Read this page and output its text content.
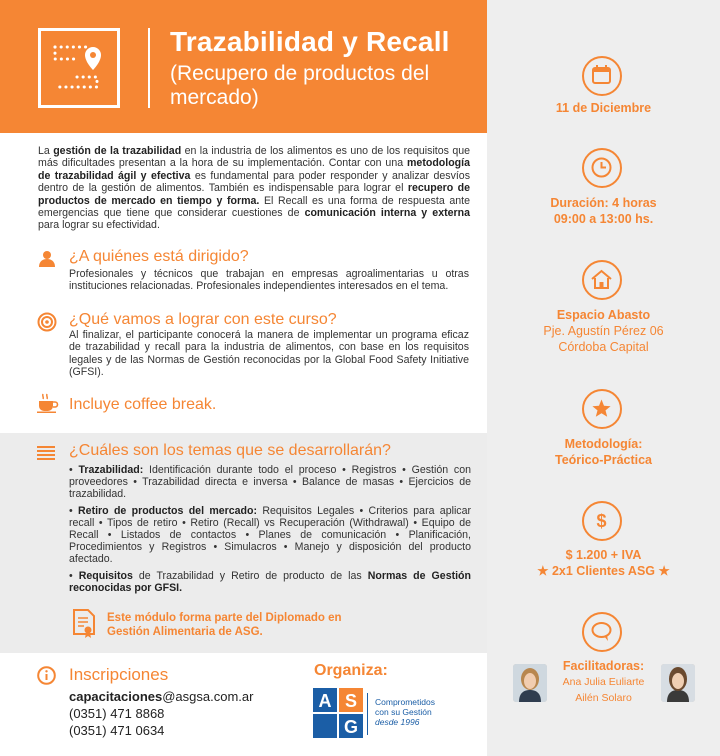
Trazabilidad y Recall
(Recupero de productos del mercado)

La gestión de la trazabilidad en la industria de los alimentos es uno de los requisitos que más dificultades presentan a la hora de su implementación. Contar con una metodología de trazabilidad ágil y efectiva es fundamental para poder responder y analizar desvíos dentro de la gestión de alimentos. También es indispensable para lograr el recupero de productos de mercado en tiempo y forma. El Recall es una forma de respuesta ante emergencias que tiene que considerar cuestiones de comunicación interna y externa para lograr su efectividad.

¿A quiénes está dirigido?

Profesionales y técnicos que trabajan en empresas agroalimentarias u otras instituciones relacionadas. Profesionales independientes interesados en el tema.

¿Qué vamos a lograr con este curso?

Al finalizar, el participante conocerá la manera de implementar un programa eficaz de trazabilidad y recall para la industria de alimentos, con base en los requisitos legales y de las Normas de Gestión reconocidas por la Global Food Safety Initiative (GFSI).

Incluye coffee break.
¿Cuáles son los temas que se desarrollarán?
• Trazabilidad: Identificación durante todo el proceso • Registros • Gestión con proveedores • Trazabilidad directa e inversa • Balance de masas • Ejercicios de trazabilidad.
• Retiro de productos del mercado: Requisitos Legales • Criterios para aplicar recall • Tipos de retiro • Retiro (Recall) vs Recuperación (Withdrawal) • Equipo de Recall • Listados de contactos • Planes de comunicación • Planificación, Procedimientos y Registros • Simulacros • Manejo y disposición del producto afectado.
• Requisitos de Trazabilidad y Retiro de producto de las Normas de Gestión reconocidas por GFSI.

Este módulo forma parte del Diplomado en
Gestión Alimentaria de ASG.

Inscripciones
capacitaciones@asgsa.com.ar
(0351) 471 8868
(0351) 471 0634
Organiza:
A S
G
Comprometidos
con su Gestión
desde 1996

11 de Diciembre

Duración: 4 horas
09:00 a 13:00 hs.

Espacio Abasto
Pje. Agustín Pérez 06
Córdoba Capital

Metodología:
Teórico-Práctica

$

$ 1.200 + IVA
★ 2x1 Clientes ASG ★

Facilitadoras:
Ana Julia Euliarte
Ailén Solaro
